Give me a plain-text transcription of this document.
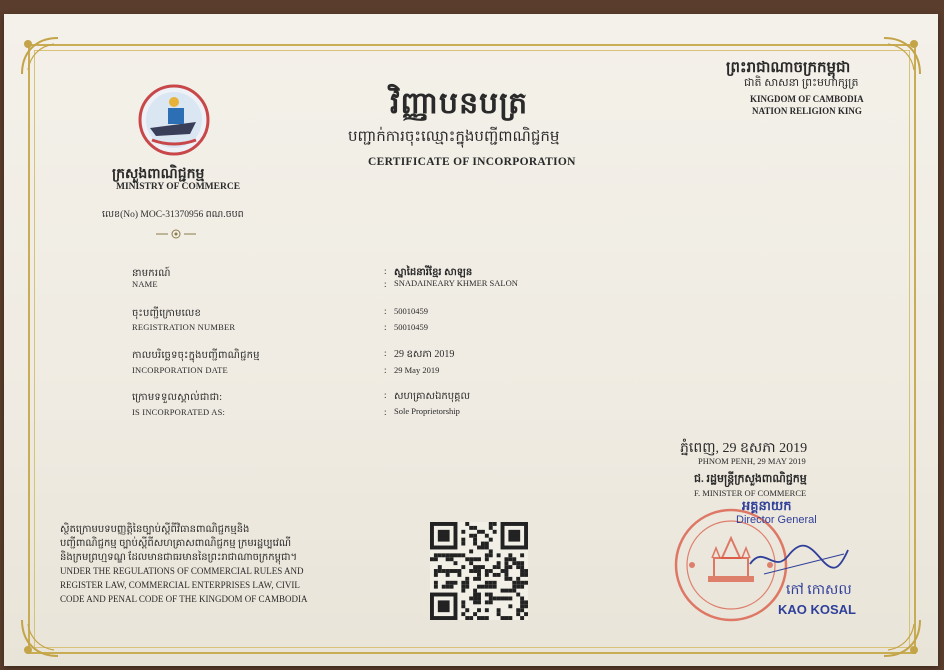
ក្រសួងពាណិជ្ជកម្ម
MINISTRY OF COMMERCE
លេខ(No) MOC-31370956 ពណ.ចបព
វិញ្ញាបនបត្រ
បញ្ជាក់ការចុះឈ្មោះក្នុងបញ្ជីពាណិជ្ជកម្ម
CERTIFICATE OF INCORPORATION
ព្រះរាជាណាចក្រកម្ពុជា
ជាតិ សាសនា ព្រះមហាក្សត្រ
KINGDOM OF CAMBODIA
NATION RELIGION KING
នាមករណ៍
NAME
:
:
ស្នាដៃនារីខ្មែរ សាឡន
SNADAINEARY KHMER SALON
ចុះបញ្ជីក្រោមលេខ
REGISTRATION NUMBER
:
:
50010459
50010459
កាលបរិច្ឆេទចុះក្នុងបញ្ជីពាណិជ្ជកម្ម
INCORPORATION DATE
:
:
29 ឧសភា 2019
29 May 2019
ក្រោមទទួលស្គាល់ជាជា:
IS INCORPORATED AS:
:
:
សហគ្រាសឯកបុគ្គល
Sole Proprietorship
ភ្នំពេញ, 29 ឧសភា 2019
PHNOM PENH, 29 MAY 2019
ជ. រដ្ឋមន្ត្រីក្រសួងពាណិជ្ជកម្ម
F. MINISTER OF COMMERCE
អគ្គនាយក
Director General
កៅ កោសល
KAO KOSAL
ស្ថិតក្រោមបទបញ្ញត្តិនៃច្បាប់ស្តីពីវិធានពាណិជ្ជកម្មនិង
បញ្ជីពាណិជ្ជកម្ម ច្បាប់ស្តីពីសហគ្រាសពាណិជ្ជកម្ម ក្រមរដ្ឋប្បវេណី
និងក្រមព្រហ្មទណ្ឌ ដែលមានជាធរមាននៃព្រះរាជាណាចក្រកម្ពុជា។
UNDER THE REGULATIONS OF COMMERCIAL RULES AND
REGISTER LAW, COMMERCIAL ENTERPRISES LAW, CIVIL
CODE AND PENAL CODE OF THE KINGDOM OF CAMBODIA
